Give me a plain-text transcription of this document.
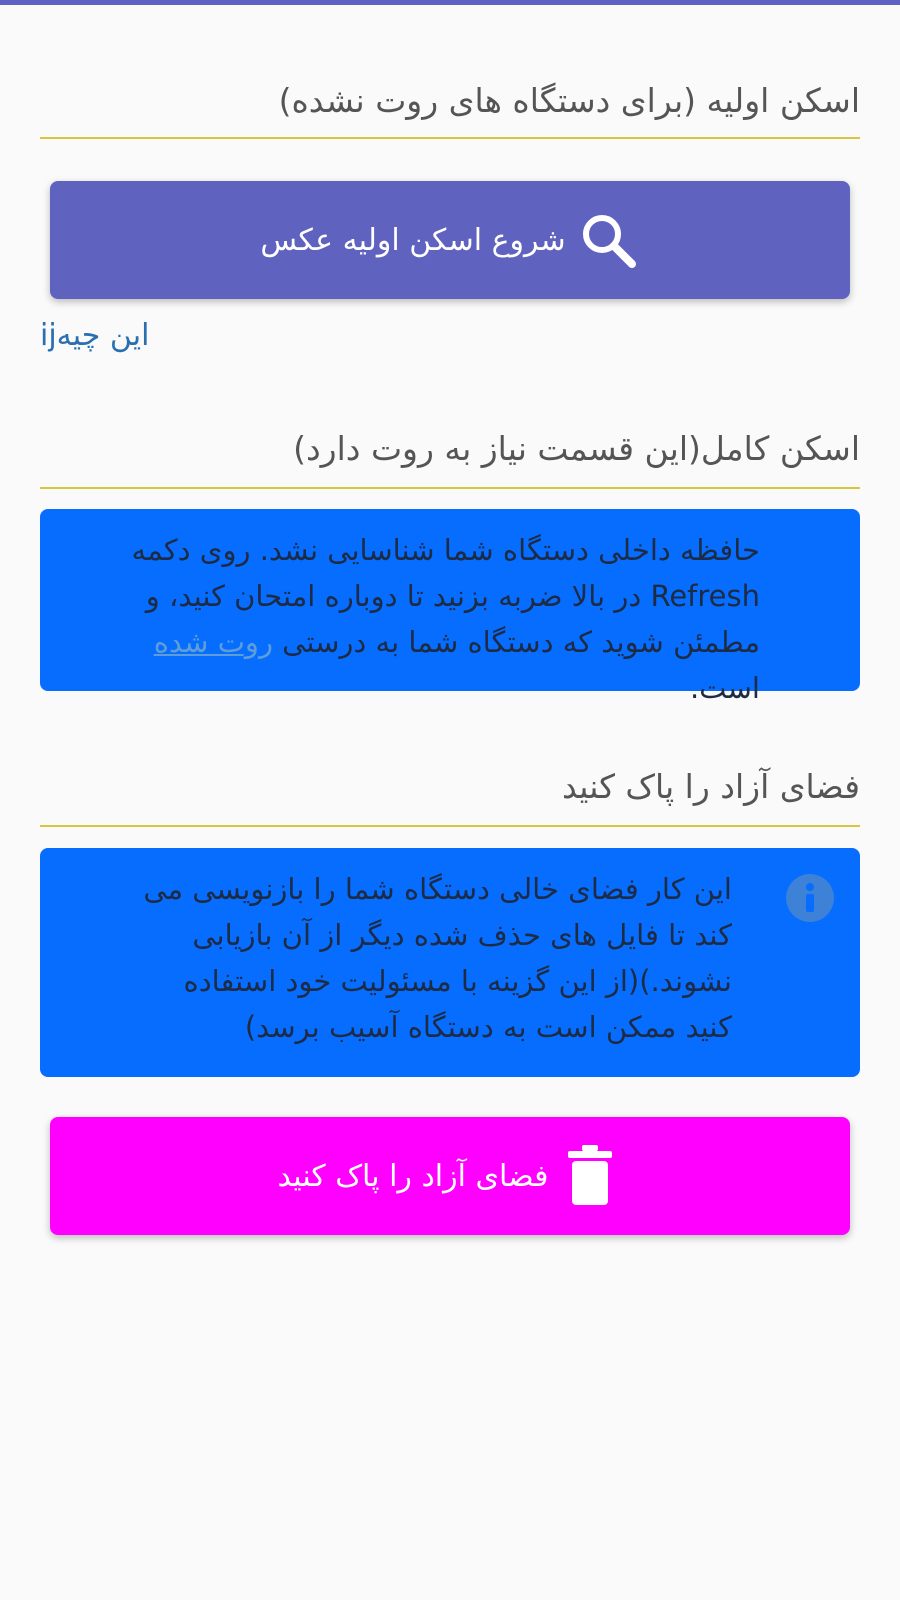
اسکن اولیه (برای دستگاه های روت نشده)
شروع اسکن اولیه عکس
این چیهij
اسکن کامل(این قسمت نیاز به روت دارد)
حافظه داخلی دستگاه شما شناسایی نشد. روی دکمه Refresh در بالا ضربه بزنید تا دوباره امتحان کنید، و مطمئن شوید که دستگاه شما به درستی روت شده است.
فضای آزاد را پاک کنید
این کار فضای خالی دستگاه شما را بازنویسی می کند تا فایل های حذف شده دیگر از آن بازیابی نشوند.)(از این گزینه با مسئولیت خود استفاده کنید ممکن است به دستگاه آسیب برسد)
فضای آزاد را پاک کنید
